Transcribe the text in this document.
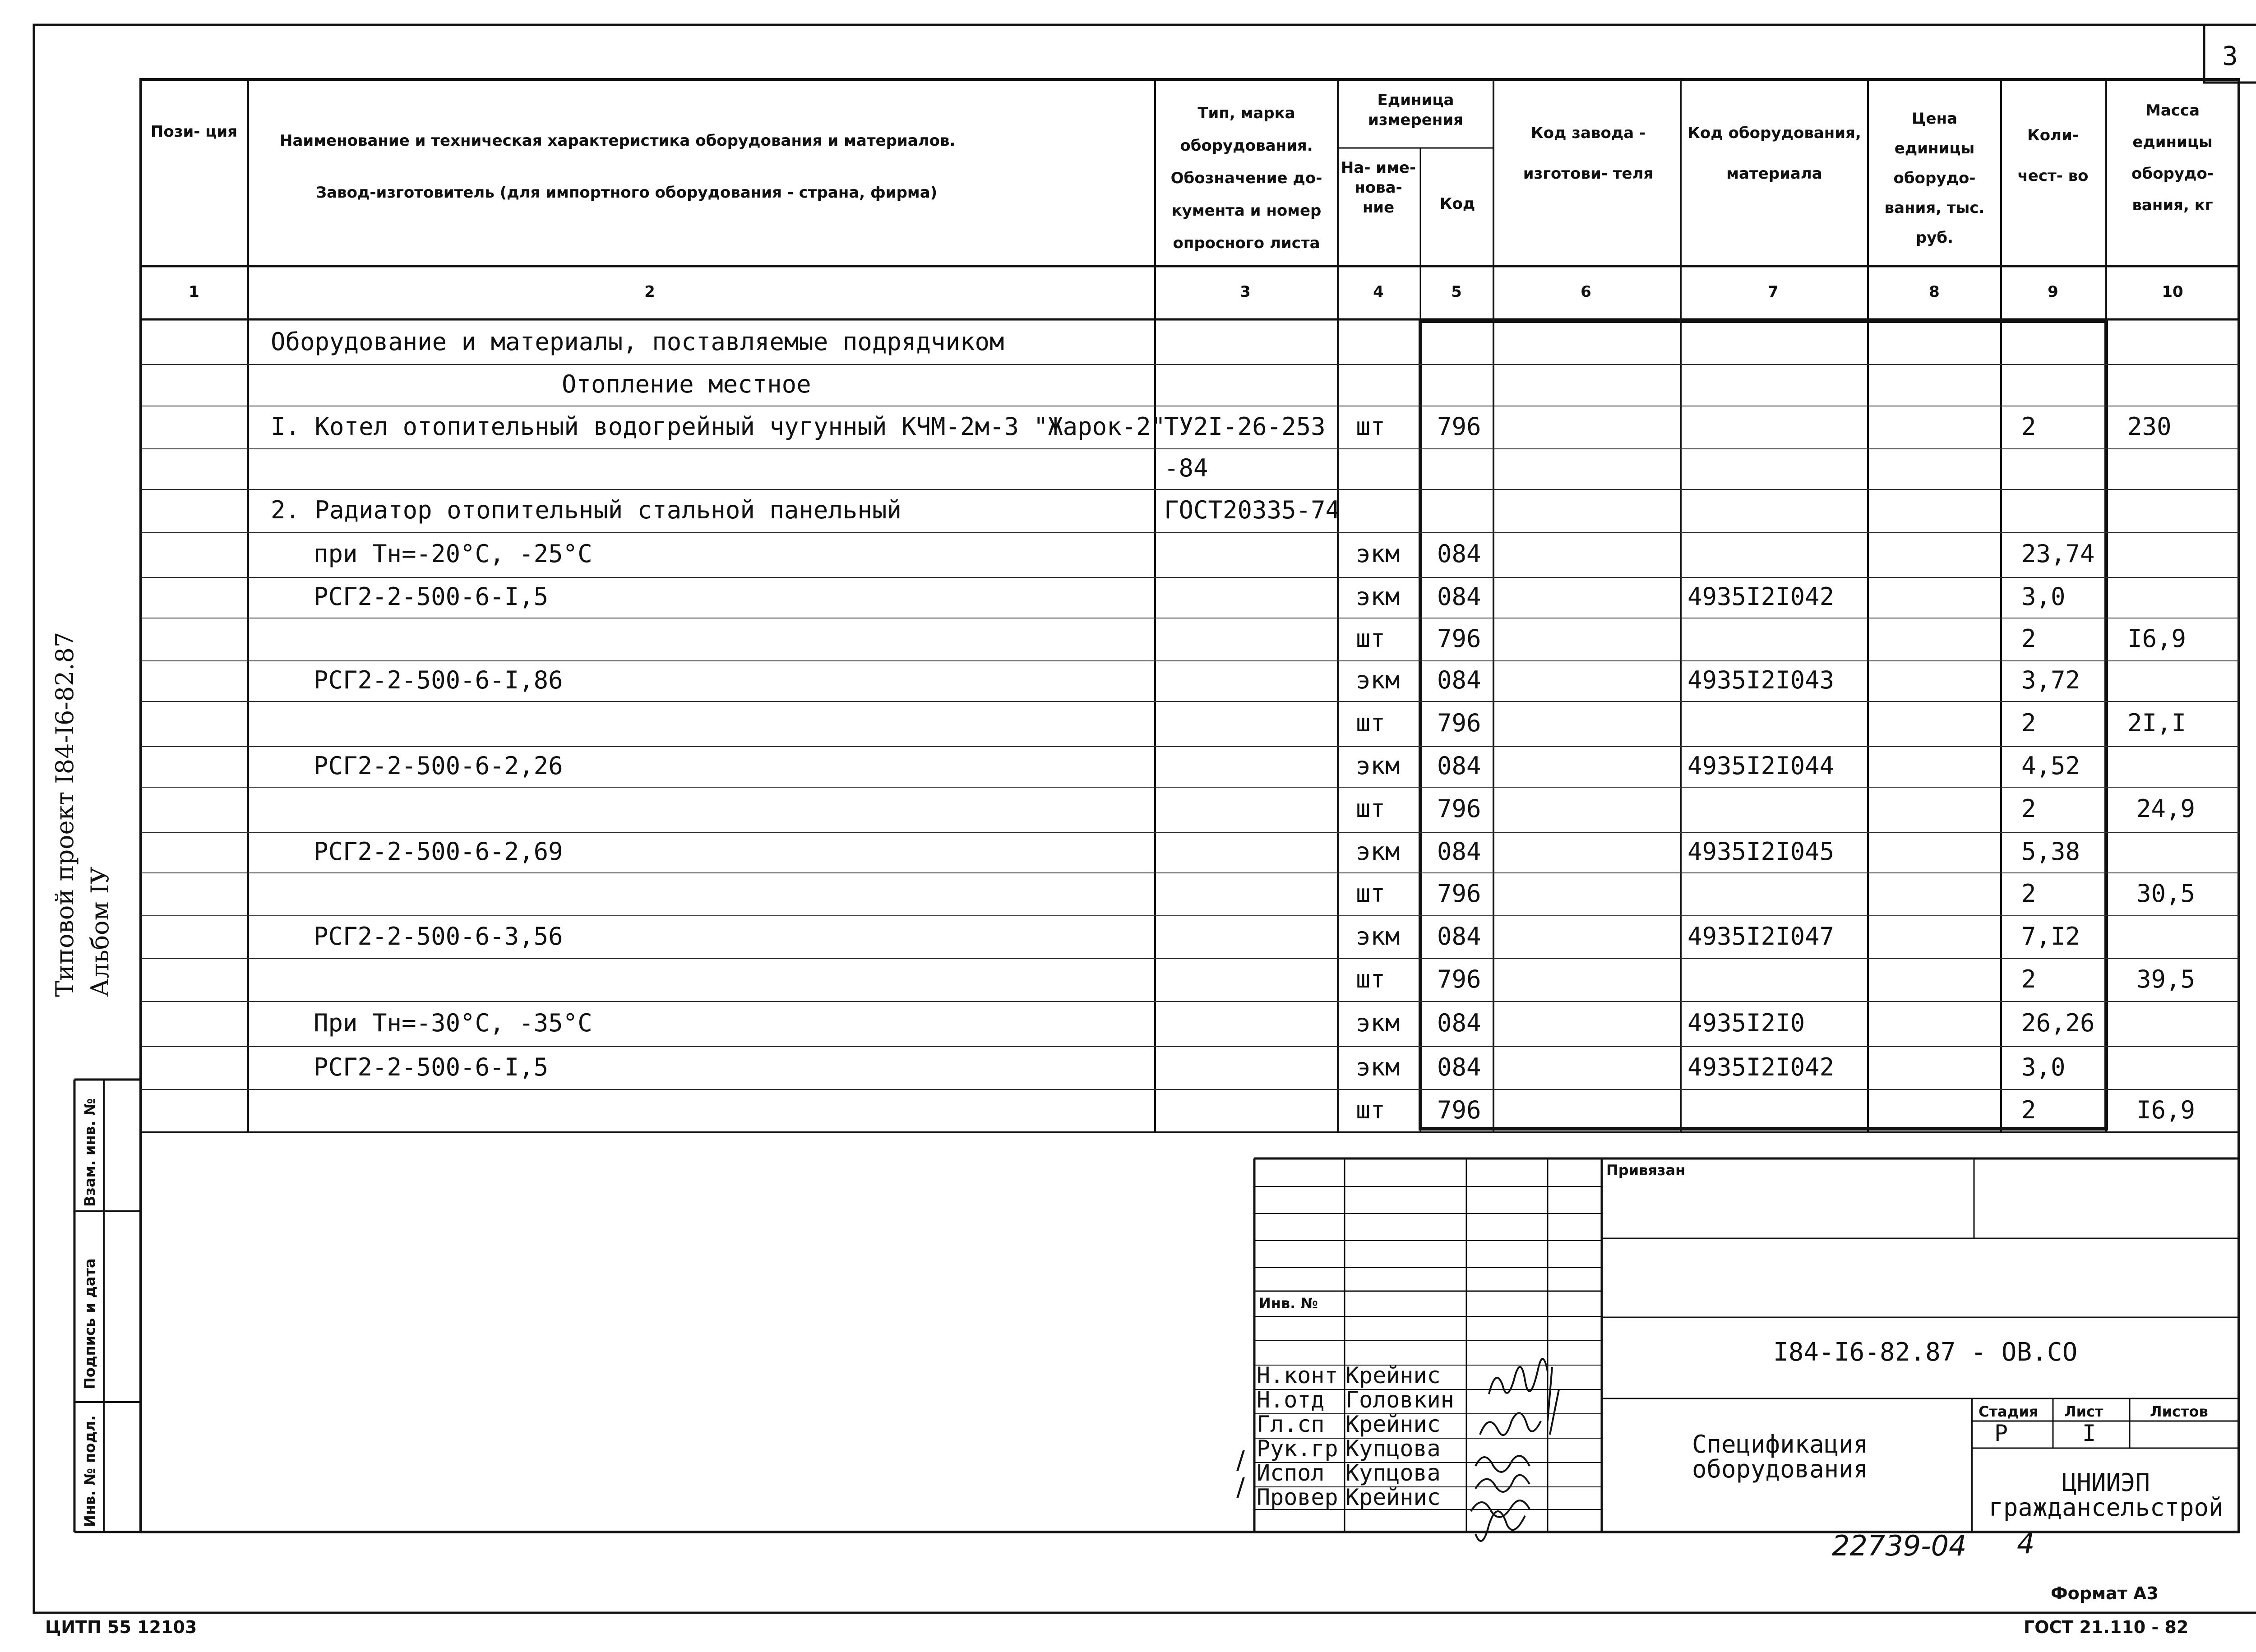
3
Типовой проект I84-I6-82.87 Альбом IУ
Инв. № подл.
Подпись и дата
Взам. инв. №
Пози- ция	Наименование и техническая характеристика оборудования и материалов.
Завод-изготовитель (для импортного оборудования - страна, фирма)
Тип, марка оборудования. Обозначение до- кумента и номер опросного листа
Единица измерения
На- име- нова- ние	Код
Код завода - изготови- теля
Код оборудования, материала
Цена единицы оборудо- вания, тыс. руб.
Коли- чест- во
Масса единицы оборудо- вания, кг
1	2	3	4	5	6	7	8	9	10
Оборудование и материалы, поставляемые подрядчиком
Отопление местное
I. Котел отопительный водогрейный чугунный КЧМ-2м-3 "Жарок-2"
ТУ2I-26-253 шт 796	2	230
-84
2. Радиатор отопительный стальной панельный	ГОСТ20335-74
при Тн=-20°С, -25°С	экм 084	23,74
РСГ2-2-500-6-I,5	экм 084	4935I2I042	3,0
шт 796	2	I6,9
РСГ2-2-500-6-I,86	экм 084	4935I2I043	3,72
шт 796	2	2I,I
РСГ2-2-500-6-2,26	экм 084	4935I2I044	4,52
шт 796	2	24,9
РСГ2-2-500-6-2,69	экм 084	4935I2I045	5,38
шт 796	2	30,5
РСГ2-2-500-6-3,56	экм 084	4935I2I047	7,I2
шт 796	2	39,5
При Тн=-30°С, -35°С	экм 084	4935I2I0	26,26
РСГ2-2-500-6-I,5	экм 084	4935I2I042	3,0
шт 796	2	I6,9
Привязан
Инв. №
I84-I6-82.87 - ОВ.СО
Спецификация
оборудования
Стадия Лист	Листов
Р	I
ЦНИИЭП
граждансельстрой
Н.конт Крейнис
Н.отд Головкин
Гл.сп Крейнис
Рук.гр Купцова
Испол Купцова
Провер Крейнис
22739-04 4
/
/
Формат А3
ЦИТП 55 12103	ГОСТ 21.110 - 82
